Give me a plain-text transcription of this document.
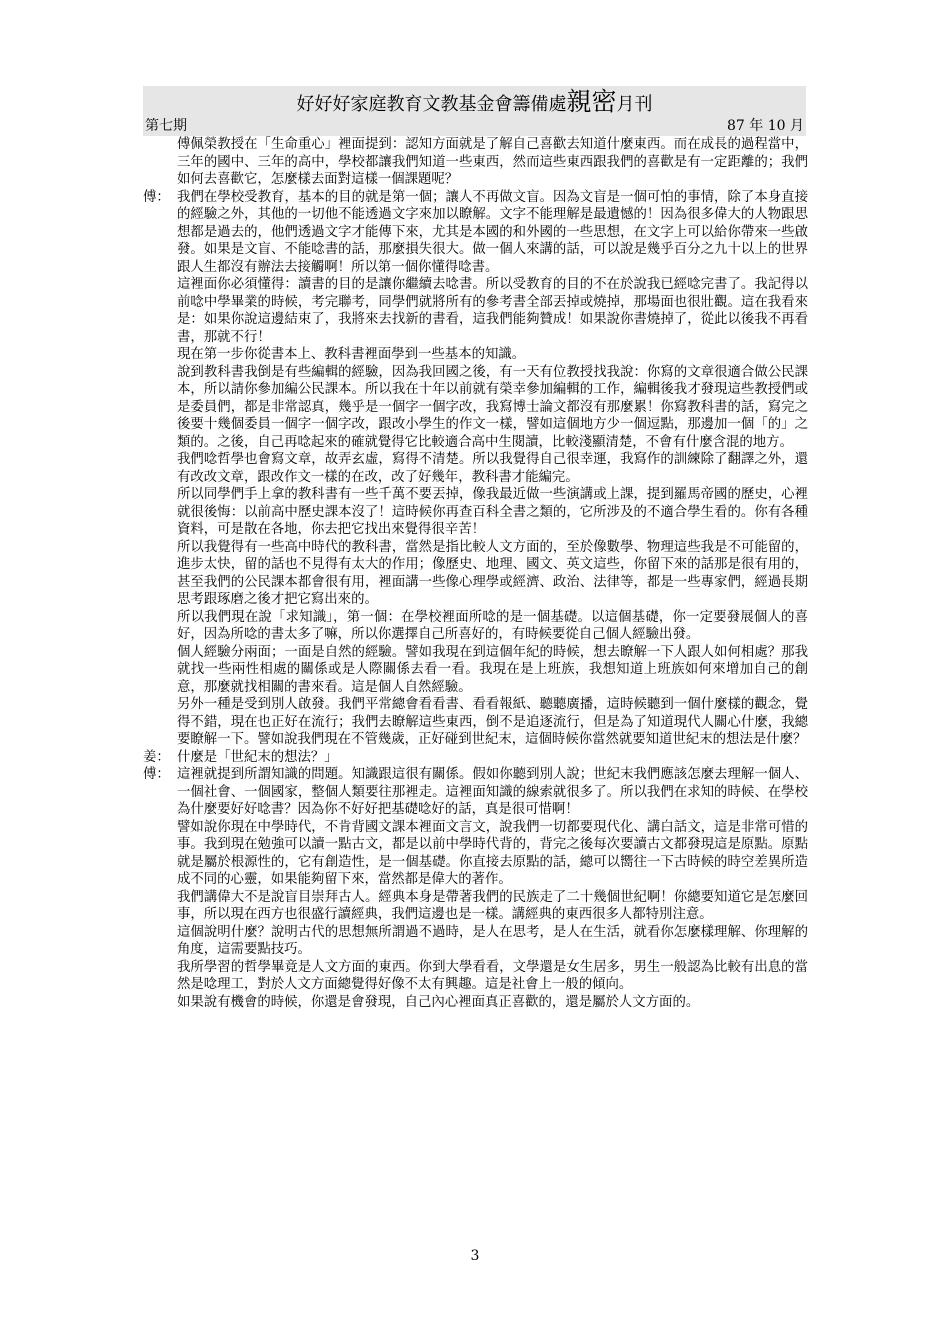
好好好家庭教育文教基金會籌備處親密月刊
第七期	87 年 10 月
傅佩榮教授在「生命重心」裡面提到：認知方面就是了解自己喜歡去知道什麼東西。而在成長的過程當中，三年的國中、三年的高中，學校都讓我們知道一些東西，然而這些東西跟我們的喜歡是有一定距離的；我們如何去喜歡它，怎麼樣去面對這樣一個課題呢？
傅： 我們在學校受教育，基本的目的就是第一個；讓人不再做文盲。因為文盲是一個可怕的事情，除了本身直接的經驗之外，其他的一切他不能透過文字來加以瞭解。文字不能理解是最遺憾的！因為很多偉大的人物跟思想都是過去的，他們透過文字才能傳下來，尤其是本國的和外國的一些思想，在文字上可以給你帶來一些啟發。如果是文盲、不能唸書的話，那麼損失很大。做一個人來講的話，可以說是幾乎百分之九十以上的世界跟人生都沒有辦法去接觸啊！所以第一個你懂得唸書。
這裡面你必須懂得：讀書的目的是讓你繼續去唸書。所以受教育的目的不在於說我已經唸完書了。我記得以前唸中學畢業的時候，考完聯考，同學們就將所有的參考書全部丟掉或燒掉，那場面也很壯觀。這在我看來是：如果你說這邊結束了，我將來去找新的書看，這我們能夠贊成！如果說你書燒掉了，從此以後我不再看書，那就不行！
現在第一步你從書本上、教科書裡面學到一些基本的知識。
說到教科書我倒是有些編輯的經驗，因為我回國之後，有一天有位教授找我說：你寫的文章很適合做公民課本，所以請你參加編公民課本。所以我在十年以前就有榮幸參加編輯的工作，編輯後我才發現這些教授們或是委員們，都是非常認真，幾乎是一個字一個字改，我寫博士論文都沒有那麼累！你寫教科書的話，寫完之後要十幾個委員一個字一個字改，跟改小學生的作文一樣，譬如這個地方少一個逗點，那邊加一個「的」之類的。之後，自己再唸起來的確就覺得它比較適合高中生閱讀，比較淺顯清楚，不會有什麼含混的地方。
我們唸哲學也會寫文章，故弄玄虛，寫得不清楚。所以我覺得自己很幸運，我寫作的訓練除了翻譯之外，還有改改文章，跟改作文一樣的在改，改了好幾年，教科書才能編完。
所以同學們手上拿的教科書有一些千萬不要丟掉，像我最近做一些演講或上課，提到羅馬帝國的歷史，心裡就很後悔：以前高中歷史課本沒了！這時候你再查百科全書之類的，它所涉及的不適合學生看的。你有各種資料，可是散在各地，你去把它找出來覺得很辛苦！
所以我覺得有一些高中時代的教科書，當然是指比較人文方面的，至於像數學、物理這些我是不可能留的，進步太快，留的話也不見得有太大的作用；像歷史、地理、國文、英文這些，你留下來的話那是很有用的，甚至我們的公民課本都會很有用，裡面講一些像心理學或經濟、政治、法律等，都是一些專家們，經過長期思考跟琢磨之後才把它寫出來的。
所以我們現在說「求知識」，第一個：在學校裡面所唸的是一個基礎。以這個基礎，你一定要發展個人的喜好，因為所唸的書太多了嘛，所以你選擇自己所喜好的，有時候要從自己個人經驗出發。
個人經驗分兩面；一面是自然的經驗。譬如我現在到這個年紀的時候，想去瞭解一下人跟人如何相處？那我就找一些兩性相處的關係或是人際關係去看一看。我現在是上班族，我想知道上班族如何來增加自己的創意，那麼就找相關的書來看。這是個人自然經驗。
另外一種是受到別人啟發。我們平常總會看看書、看看報紙、聽聽廣播，這時候聽到一個什麼樣的觀念，覺得不錯，現在也正好在流行；我們去瞭解這些東西，倒不是追逐流行，但是為了知道現代人關心什麼，我總要瞭解一下。譬如說我們現在不管幾歲，正好碰到世紀末，這個時候你當然就要知道世紀末的想法是什麼？
姜： 什麼是「世紀末的想法？」
傅： 這裡就提到所謂知識的問題。知識跟這很有關係。假如你聽到別人說；世紀末我們應該怎麼去理解一個人、一個社會、一個國家，整個人類要往那裡走。這裡面知識的線索就很多了。所以我們在求知的時候、在學校為什麼要好好唸書？因為你不好好把基礎唸好的話，真是很可惜啊！
譬如說你現在中學時代，不肯背國文課本裡面文言文，說我們一切都要現代化、講白話文，這是非常可惜的事。我到現在勉強可以讀一點古文，都是以前中學時代背的，背完之後每次要讀古文都發現這是原點。原點就是屬於根源性的，它有創造性，是一個基礎。你直接去原點的話，總可以嚮往一下古時候的時空差異所造成不同的心靈，如果能夠留下來，當然都是偉大的著作。
我們講偉大不是說盲目崇拜古人。經典本身是帶著我們的民族走了二十幾個世紀啊！你總要知道它是怎麼回事，所以現在西方也很盛行讀經典，我們這邊也是一樣。講經典的東西很多人都特別注意。
這個說明什麼？說明古代的思想無所謂過不過時，是人在思考，是人在生活，就看你怎麼樣理解、你理解的角度，這需要點技巧。
我所學習的哲學畢竟是人文方面的東西。你到大學看看，文學還是女生居多，男生一般認為比較有出息的當然是唸理工，對於人文方面總覺得好像不太有興趣。這是社會上一般的傾向。
如果說有機會的時候，你還是會發現，自己內心裡面真正喜歡的，還是屬於人文方面的。
3
